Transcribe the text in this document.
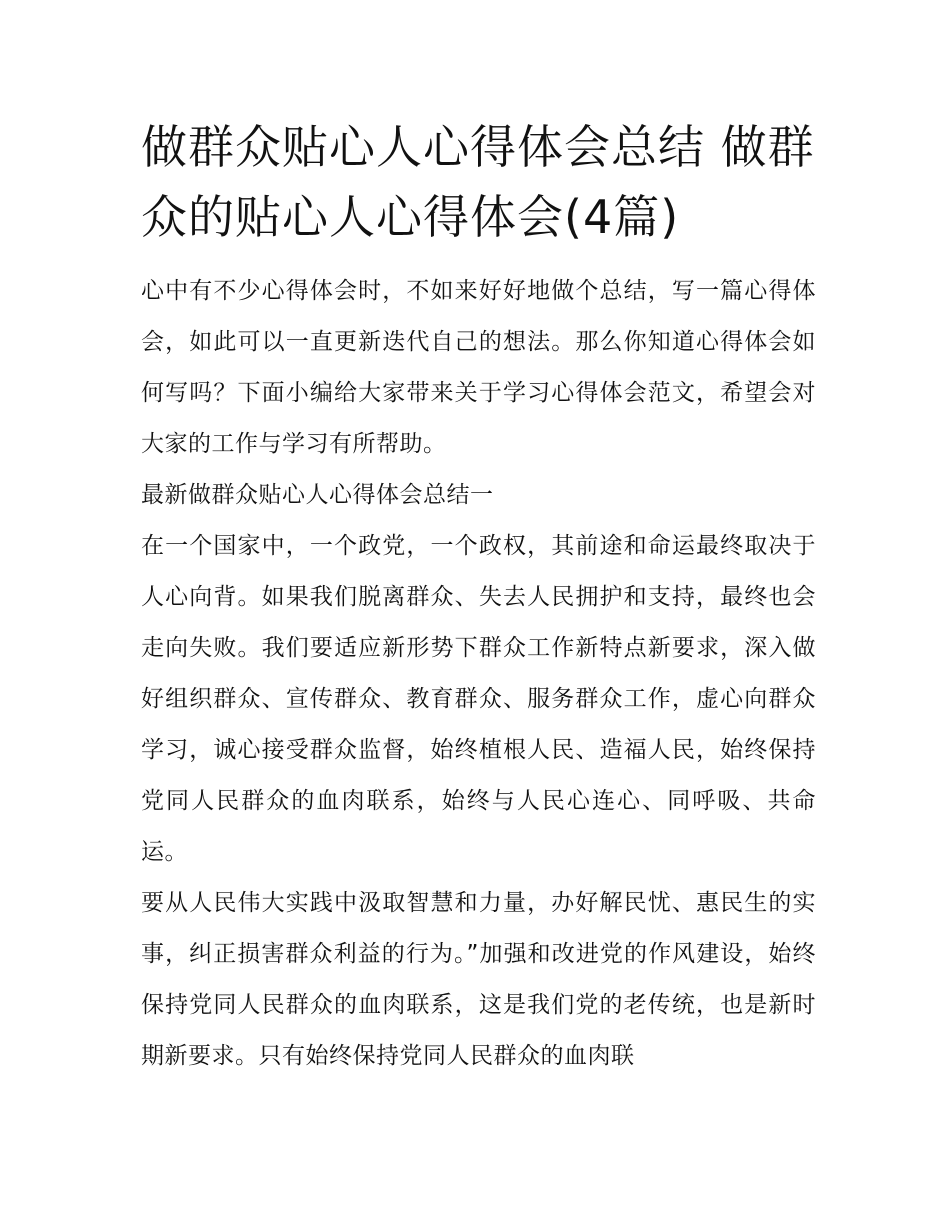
做群众贴心人心得体会总结 做群众的贴心人心得体会(4篇)

心中有不少心得体会时，不如来好好地做个总结，写一篇心得体会，如此可以一直更新迭代自己的想法。那么你知道心得体会如何写吗？下面小编给大家带来关于学习心得体会范文，希望会对大家的工作与学习有所帮助。

最新做群众贴心人心得体会总结一

在一个国家中，一个政党，一个政权，其前途和命运最终取决于人心向背。如果我们脱离群众、失去人民拥护和支持，最终也会走向失败。我们要适应新形势下群众工作新特点新要求，深入做好组织群众、宣传群众、教育群众、服务群众工作，虚心向群众学习，诚心接受群众监督，始终植根人民、造福人民，始终保持党同人民群众的血肉联系，始终与人民心连心、同呼吸、共命运。

要从人民伟大实践中汲取智慧和力量，办好解民忧、惠民生的实事，纠正损害群众利益的行为。”加强和改进党的作风建设，始终保持党同人民群众的血肉联系，这是我们党的老传统，也是新时期新要求。只有始终保持党同人民群众的血肉联
